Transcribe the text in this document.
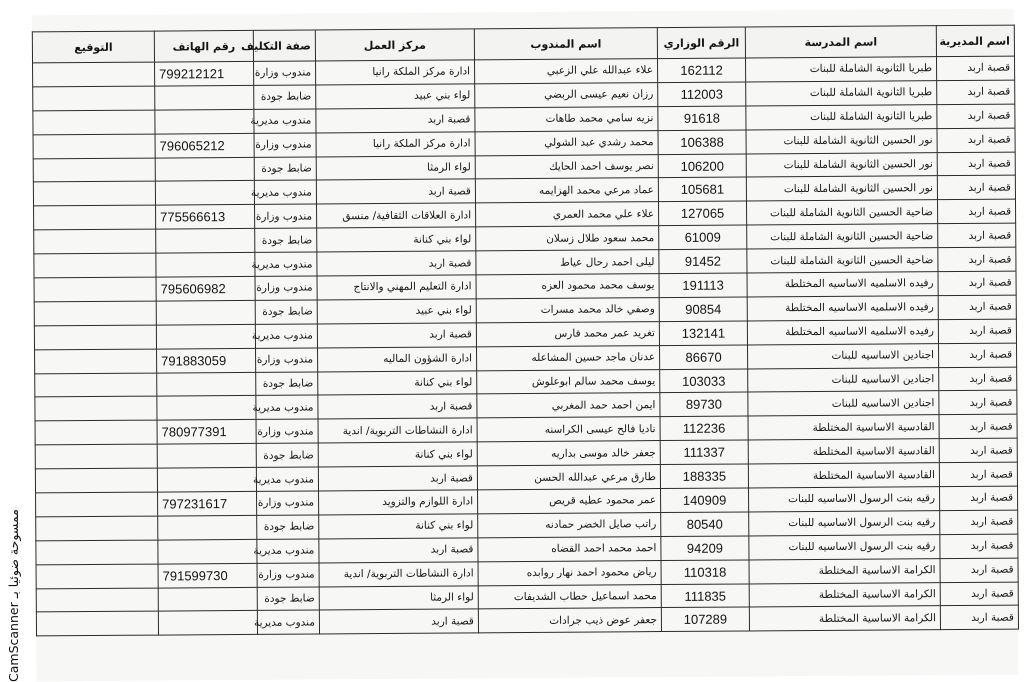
اسم المديرية	اسم المدرسة	الرقم الوزاري	اسم المندوب	مركز العمل	صفة التكليف	رقم الهاتف	التوقيع
قصبة اربد	طبريا الثانوية الشاملة للبنات	162112	علاء عبدالله علي الزعبي	ادارة مركز الملكة رانيا	مندوب وزارة	799212121	
قصبة اربد	طبريا الثانوية الشاملة للبنات	112003	رزان نعيم عيسى الربضي	لواء بني عبيد	ضابط جودة		
قصبة اربد	طبريا الثانوية الشاملة للبنات	91618	نزيه سامي محمد طاهات	قصبة اربد	مندوب مديرية		
قصبة اربد	نور الحسين الثانوية الشاملة للبنات	106388	محمد رشدي عبد الشولي	ادارة مركز الملكة رانيا	مندوب وزارة	796065212	
قصبة اربد	نور الحسين الثانوية الشاملة للبنات	106200	نصر يوسف احمد الحايك	لواء الرمثا	ضابط جودة		
قصبة اربد	نور الحسين الثانوية الشاملة للبنات	105681	عماد مرعي محمد الهزايمه	قصبة اربد	مندوب مديرية		
قصبة اربد	ضاحية الحسين الثانوية الشاملة للبنات	127065	علاء علي محمد العمري	ادارة العلاقات الثقافية/ منسق	مندوب وزارة	775566613	
قصبة اربد	ضاحية الحسين الثانوية الشاملة للبنات	61009	محمد سعود طلال زسلان	لواء بني كنانة	ضابط جودة		
قصبة اربد	ضاحية الحسين الثانوية الشاملة للبنات	91452	ليلى احمد رحال عياط	قصبة اربد	مندوب مديرية		
قصبة اربد	رفيده الاسلميه الاساسيه المختلطة	191113	يوسف محمد محمود العزه	ادارة التعليم المهني والانتاج	مندوب وزارة	795606982	
قصبة اربد	رفيده الاسلميه الاساسيه المختلطة	90854	وصفي خالد محمد مسرات	لواء بني عبيد	ضابط جودة		
قصبة اربد	رفيده الاسلميه الاساسيه المختلطة	132141	تغريد عمر محمد فارس	قصبة اربد	مندوب مديرية		
قصبة اربد	اجنادين الاساسيه للبنات	86670	عدنان ماجد حسين المشاعله	ادارة الشؤون الماليه	مندوب وزارة	791883059	
قصبة اربد	اجنادين الاساسيه للبنات	103033	يوسف محمد سالم ابوعلوش	لواء بني كنانة	ضابط جودة		
قصبة اربد	اجنادين الاساسيه للبنات	89730	ايمن احمد حمد المغربي	قصبة اربد	مندوب مديرية		
قصبة اربد	القادسية الاساسية المختلطة	112236	ناديا فالح عيسى الكراسنه	ادارة النشاطات التربوية/ اندية	مندوب وزارة	780977391	
قصبة اربد	القادسية الاساسية المختلطة	111337	جعفر خالد موسى بداريه	لواء بني كنانة	ضابط جودة		
قصبة اربد	القادسية الاساسية المختلطة	188335	طارق مرعي عبدالله الحسن	قصبة اربد	مندوب مديرية		
قصبة اربد	رقيه بنت الرسول الاساسيه للبنات	140909	عمر محمود عطيه قريص	ادارة اللوازم والتزويد	مندوب وزارة	797231617	
قصبة اربد	رقيه بنت الرسول الاساسيه للبنات	80540	راتب صايل الخضر حمادنه	لواء بني كنانة	ضابط جودة		
قصبة اربد	رقيه بنت الرسول الاساسيه للبنات	94209	احمد محمد احمد القضاه	قصبة اربد	مندوب مديرية		
قصبة اربد	الكرامة الاساسية المختلطة	110318	رياض محمود احمد نهار روابده	ادارة النشاطات التربوية/ اندية	مندوب وزارة	791599730	
قصبة اربد	الكرامة الاساسية المختلطة	111835	محمد اسماعيل حطاب الشديفات	لواء الرمثا	ضابط جودة		
قصبة اربد	الكرامة الاساسية المختلطة	107289	جعفر عوض ذيب جرادات	قصبة اربد	مندوب مديرية		
ممسوحة ضوئيا بـ CamScanner
